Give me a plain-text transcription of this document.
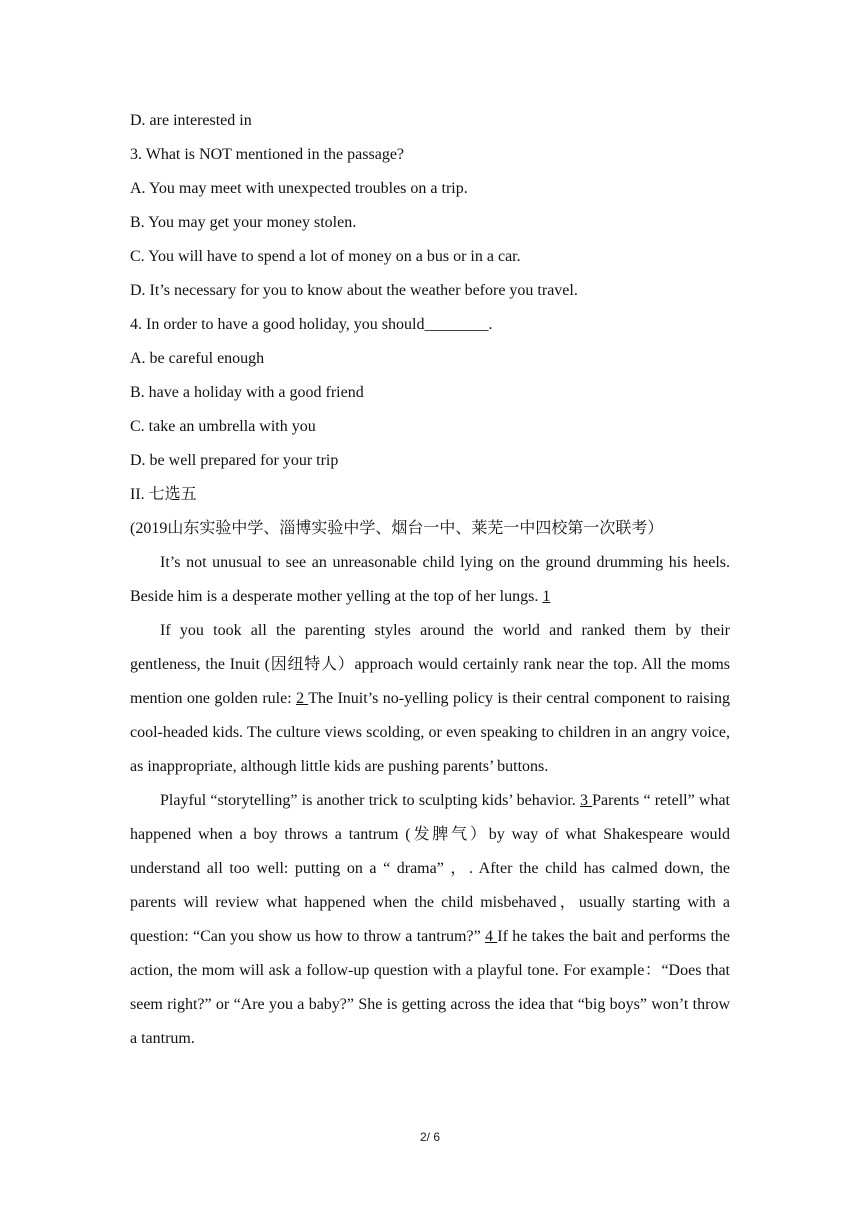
D. are interested in
3. What is NOT mentioned in the passage?
A. You may meet with unexpected troubles on a trip.
B. You may get your money stolen.
C. You will have to spend a lot of money on a bus or in a car.
D. It’s necessary for you to know about the weather before you travel.
4. In order to have a good holiday, you should________.
A. be careful enough
B. have a holiday with a good friend
C. take an umbrella with you
D. be well prepared for your trip
II. 七选五
(2019山东实验中学、淄博实验中学、烟台一中、莱芜一中四校第一次联考）

It’s not unusual to see an unreasonable child lying on the ground drumming his heels. Beside him is a desperate mother yelling at the top of her lungs. 1

If you took all the parenting styles around the world and ranked them by their gentleness, the Inuit (因纽特人）approach would certainly rank near the top. All the moms mention one golden rule: 2 The Inuit’s no-yelling policy is their central component to raising cool-headed kids. The culture views scolding, or even speaking to children in an angry voice, as inappropriate, although little kids are pushing parents’ buttons.

Playful “storytelling” is another trick to sculpting kids’ behavior. 3 Parents “ retell” what happened when a boy throws a tantrum (发脾气）by way of what Shakespeare would understand all too well: putting on a “ drama” ，. After the child has calmed down, the parents will review what happened when the child misbehaved，usually starting with a question: “Can you show us how to throw a tantrum?” 4 If he takes the bait and performs the action, the mom will ask a follow-up question with a playful tone. For example：“Does that seem right?” or “Are you a baby?” She is getting across the idea that “big boys” won’t throw a tantrum.

2/ 6
